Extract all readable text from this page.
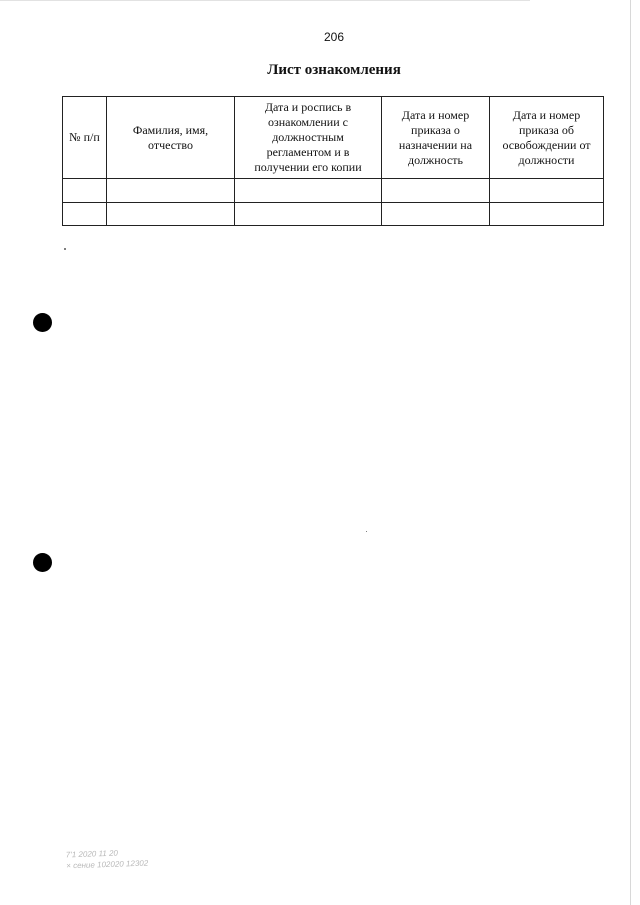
206
Лист ознакомления
№ п/п	Фамилия, имя, отчество	Дата и роспись в ознакомлении с должностным регламентом и в получении его копии	Дата и номер приказа о назначении на должность	Дата и номер приказа об освобождении от должности

7'1 2020 11 20
× сениe 102020 12302
